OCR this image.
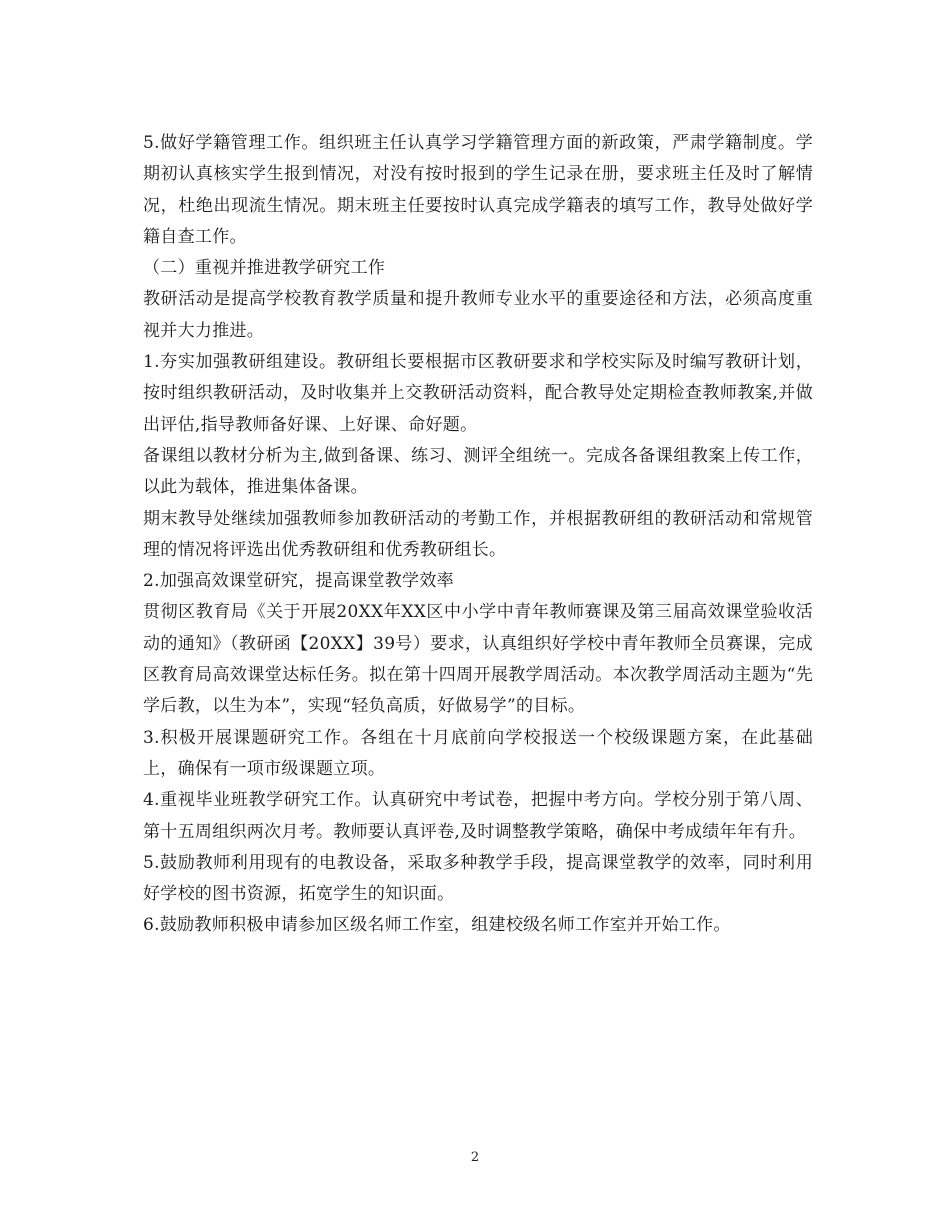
5.做好学籍管理工作。组织班主任认真学习学籍管理方面的新政策，严肃学籍制度。学期初认真核实学生报到情况，对没有按时报到的学生记录在册，要求班主任及时了解情况，杜绝出现流生情况。期末班主任要按时认真完成学籍表的填写工作，教导处做好学籍自查工作。

（二）重视并推进教学研究工作

教研活动是提高学校教育教学质量和提升教师专业水平的重要途径和方法，必须高度重视并大力推进。

1.夯实加强教研组建设。教研组长要根据市区教研要求和学校实际及时编写教研计划，按时组织教研活动，及时收集并上交教研活动资料，配合教导处定期检查教师教案,并做出评估,指导教师备好课、上好课、命好题。

备课组以教材分析为主,做到备课、练习、测评全组统一。完成各备课组教案上传工作，以此为载体，推进集体备课。

期末教导处继续加强教师参加教研活动的考勤工作，并根据教研组的教研活动和常规管理的情况将评选出优秀教研组和优秀教研组长。

2.加强高效课堂研究，提高课堂教学效率

贯彻区教育局《关于开展20XX年XX区中小学中青年教师赛课及第三届高效课堂验收活动的通知》（教研函【20XX】39号）要求，认真组织好学校中青年教师全员赛课，完成区教育局高效课堂达标任务。拟在第十四周开展教学周活动。本次教学周活动主题为“先学后教，以生为本”，实现“轻负高质，好做易学”的目标。

3.积极开展课题研究工作。各组在十月底前向学校报送一个校级课题方案，在此基础上，确保有一项市级课题立项。

4.重视毕业班教学研究工作。认真研究中考试卷，把握中考方向。学校分别于第八周、第十五周组织两次月考。教师要认真评卷,及时调整教学策略，确保中考成绩年年有升。

5.鼓励教师利用现有的电教设备，采取多种教学手段，提高课堂教学的效率，同时利用好学校的图书资源，拓宽学生的知识面。

6.鼓励教师积极申请参加区级名师工作室，组建校级名师工作室并开始工作。

2
